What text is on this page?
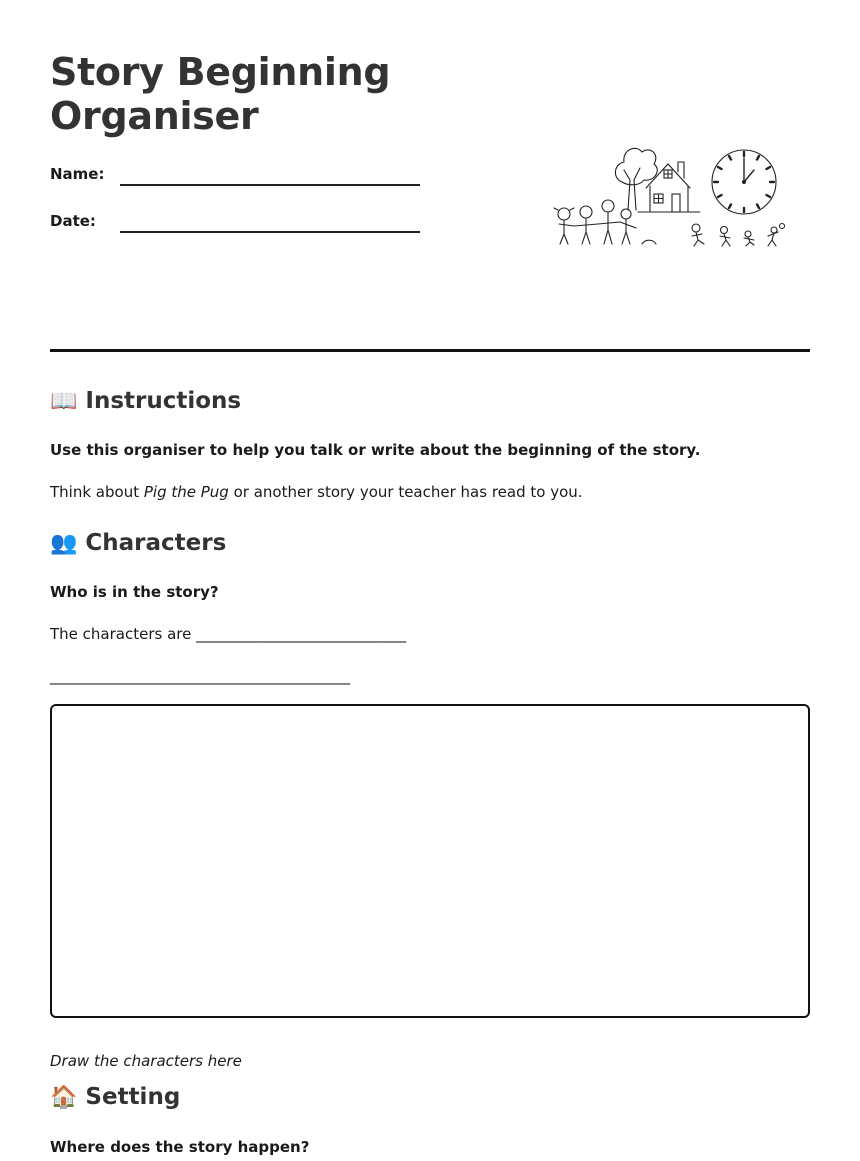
Story Beginning Organiser
Name:
Date:
📖 Instructions

Use this organiser to help you talk or write about the beginning of the story.

Think about Pig the Pug or another story your teacher has read to you.

👥 Characters

Who is in the story?

The characters are ____________________________

________________________________________

Draw the characters here

🏠 Setting

Where does the story happen?
